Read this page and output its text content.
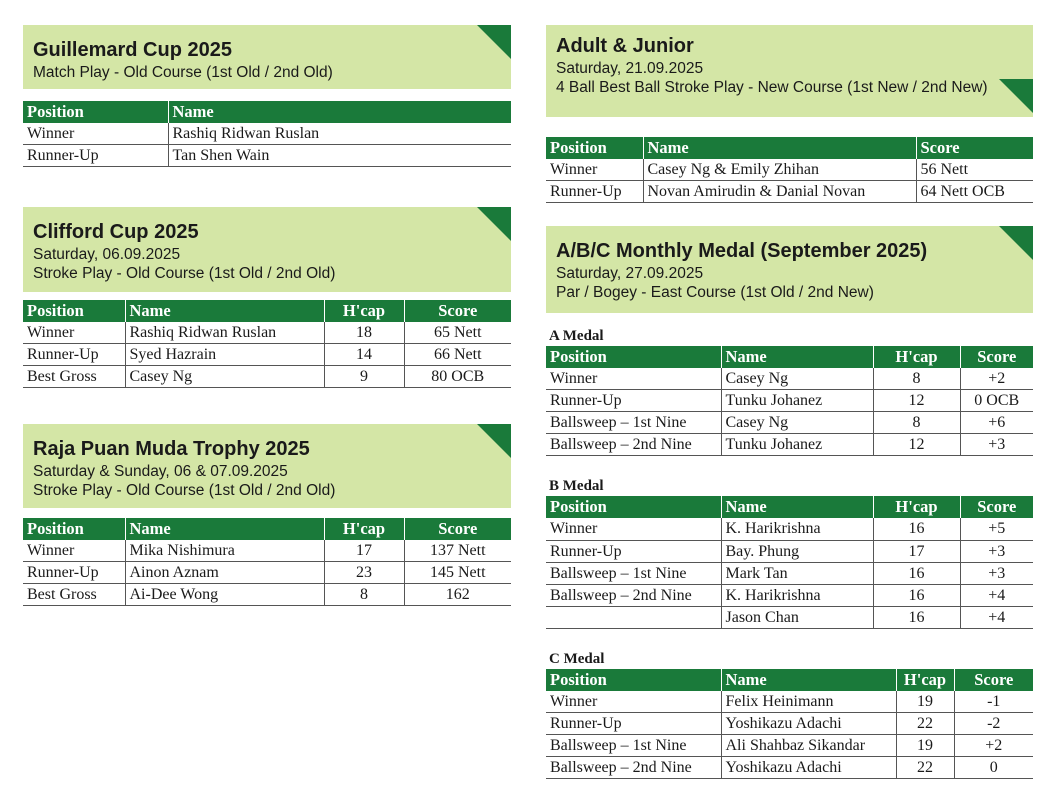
Guillemard Cup 2025
Match Play - Old Course (1st Old / 2nd Old)
Position	Name
Winner	Rashiq Ridwan Ruslan
Runner-Up	Tan Shen Wain
Clifford Cup 2025
Saturday, 06.09.2025
Stroke Play - Old Course (1st Old / 2nd Old)
Position	Name	H'cap	Score
Winner	Rashiq Ridwan Ruslan	18	65 Nett
Runner-Up	Syed Hazrain	14	66 Nett
Best Gross	Casey Ng	9	80 OCB
Raja Puan Muda Trophy 2025
Saturday & Sunday, 06 & 07.09.2025
Stroke Play - Old Course (1st Old / 2nd Old)
Position	Name	H'cap	Score
Winner	Mika Nishimura	17	137 Nett
Runner-Up	Ainon Aznam	23	145 Nett
Best Gross	Ai-Dee Wong	8	162
Adult & Junior
Saturday, 21.09.2025
4 Ball Best Ball Stroke Play - New Course (1st New / 2nd New)
Position	Name	Score
Winner	Casey Ng & Emily Zhihan	56 Nett
Runner-Up	Novan Amirudin & Danial Novan	64 Nett OCB
A/B/C Monthly Medal (September 2025)
Saturday, 27.09.2025
Par / Bogey - East Course (1st Old / 2nd New)
A Medal
Position	Name	H'cap	Score
Winner	Casey Ng	8	+2
Runner-Up	Tunku Johanez	12	0 OCB
Ballsweep – 1st Nine	Casey Ng	8	+6
Ballsweep – 2nd Nine	Tunku Johanez	12	+3
B Medal
Position	Name	H'cap	Score
Winner	K. Harikrishna	16	+5
Runner-Up	Bay. Phung	17	+3
Ballsweep – 1st Nine	Mark Tan	16	+3
Ballsweep – 2nd Nine	K. Harikrishna	16	+4
	Jason Chan	16	+4
C Medal
Position	Name	H'cap	Score
Winner	Felix Heinimann	19	-1
Runner-Up	Yoshikazu Adachi	22	-2
Ballsweep – 1st Nine	Ali Shahbaz Sikandar	19	+2
Ballsweep – 2nd Nine	Yoshikazu Adachi	22	0
